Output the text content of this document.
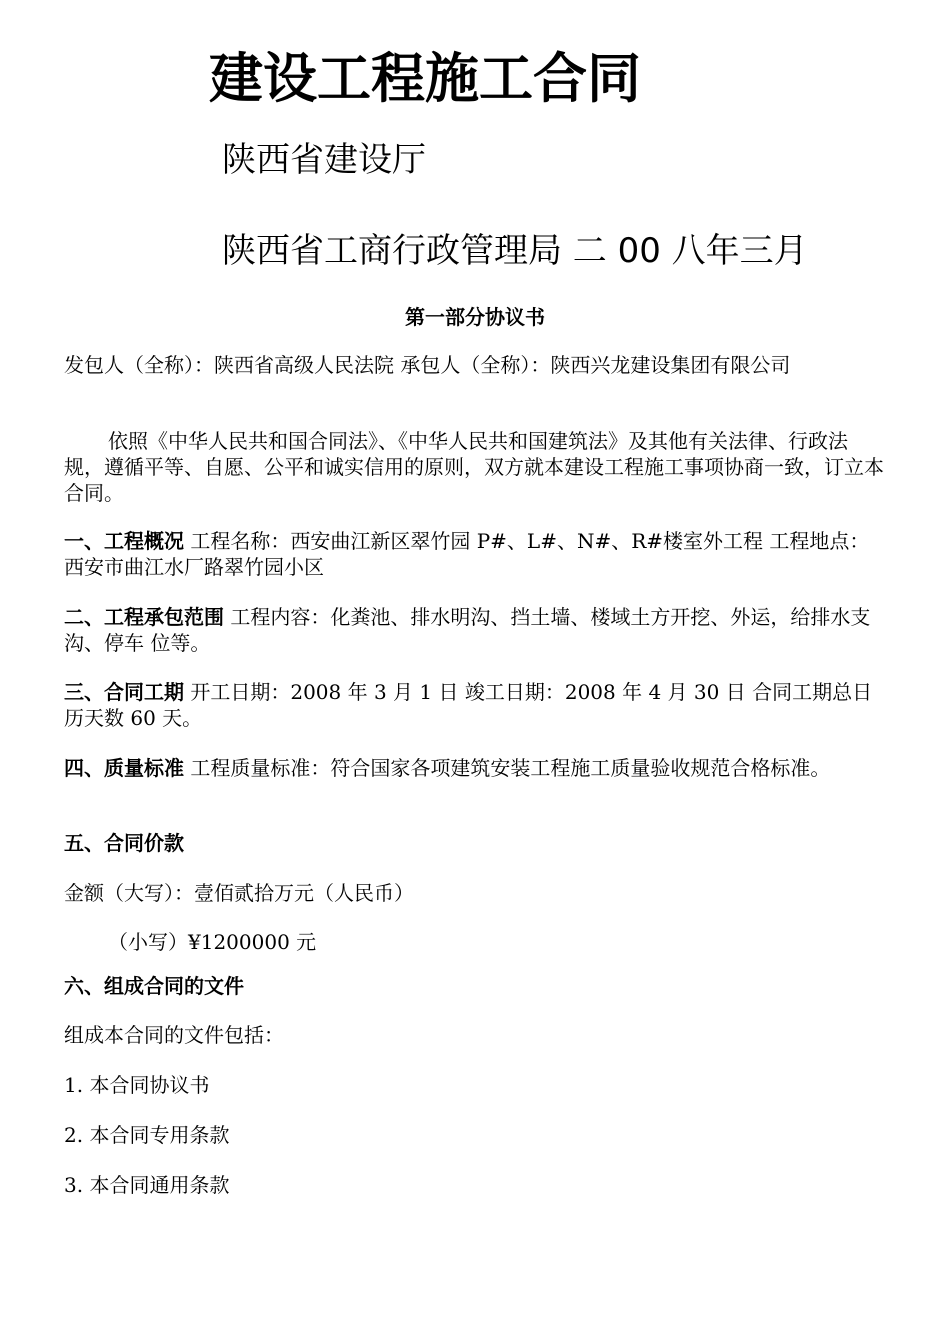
建设工程施工合同
陕西省建设厅
陕西省工商行政管理局 二 00 八年三月
第一部分协议书
发包人（全称）：陕西省高级人民法院 承包人（全称）：陕西兴龙建设集团有限公司
依照《中华人民共和国合同法》、《中华人民共和国建筑法》及其他有关法律、行政法规，遵循平等、自愿、公平和诚实信用的原则，双方就本建设工程施工事项协商一致，订立本合同。
一、工程概况 工程名称：西安曲江新区翠竹园 P#、L#、N#、R#楼室外工程 工程地点：西安市曲江水厂路翠竹园小区
二、工程承包范围 工程内容：化粪池、排水明沟、挡土墙、楼域土方开挖、外运，给排水支沟、停车 位等。
三、合同工期 开工日期：2008 年 3 月 1 日 竣工日期：2008 年 4 月 30 日 合同工期总日历天数 60 天。
四、质量标准 工程质量标准：符合国家各项建筑安装工程施工质量验收规范合格标准。
五、合同价款
金额（大写）：壹佰贰拾万元（人民币）
（小写）¥1200000 元
六、组成合同的文件
组成本合同的文件包括：
1. 本合同协议书
2. 本合同专用条款
3. 本合同通用条款
